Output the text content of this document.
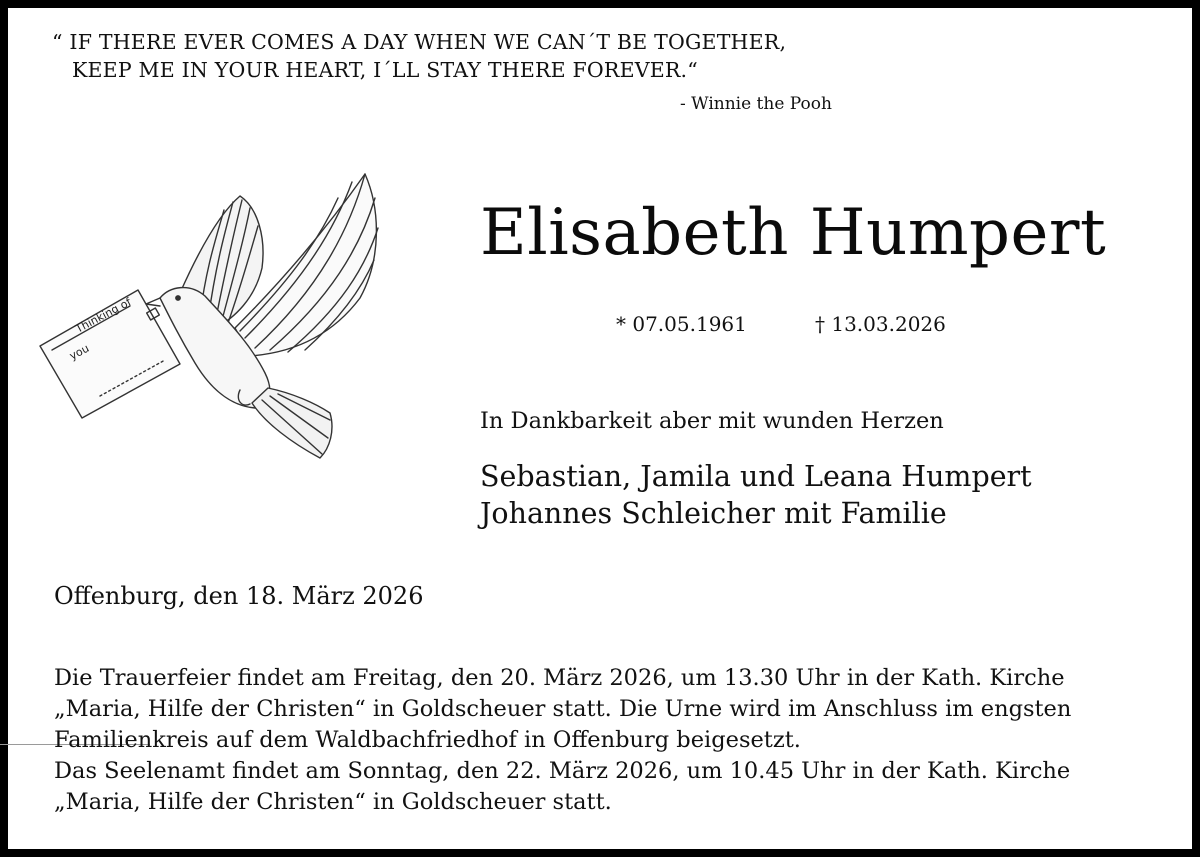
“ IF THERE EVER COMES A DAY WHEN WE CAN´T BE TOGETHER,
KEEP ME IN YOUR HEART, I´LL STAY THERE FOREVER.“
- Winnie the Pooh
Thinking of
you
Elisabeth Humpert
* 07.05.1961	† 13.03.2026
In Dankbarkeit aber mit wunden Herzen
Sebastian, Jamila und Leana Humpert
Johannes Schleicher mit Familie
Offenburg, den 18. März 2026
Die Trauerfeier findet am Freitag, den 20. März 2026, um 13.30 Uhr in der Kath. Kirche
„Maria, Hilfe der Christen“ in Goldscheuer statt. Die Urne wird im Anschluss im engsten
Familienkreis auf dem Waldbachfriedhof in Offenburg beigesetzt.
Das Seelenamt findet am Sonntag, den 22. März 2026, um 10.45 Uhr in der Kath. Kirche
„Maria, Hilfe der Christen“ in Goldscheuer statt.
